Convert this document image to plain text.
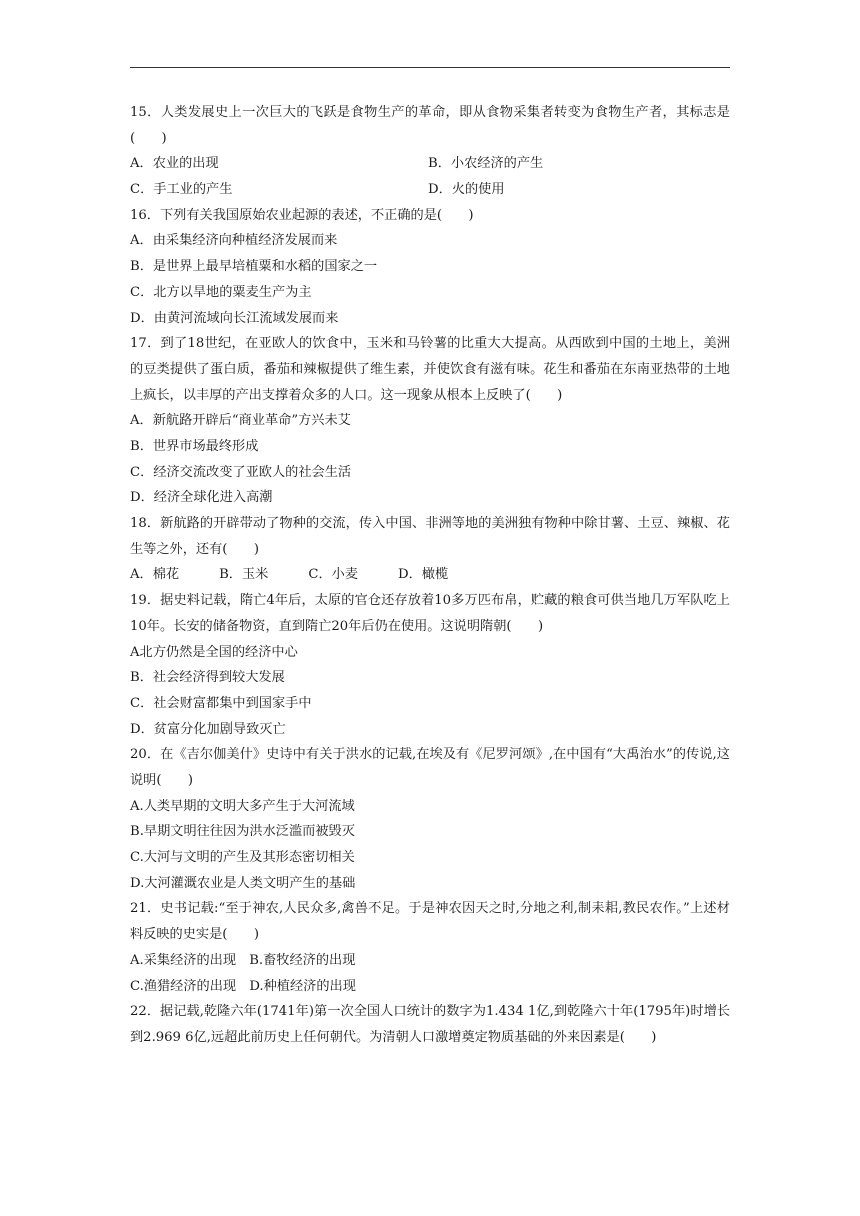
15．人类发展史上一次巨大的飞跃是食物生产的革命，即从食物采集者转变为食物生产者，其标志是(　　)
A．农业的出现	B．小农经济的产生
C．手工业的产生	D．火的使用
16．下列有关我国原始农业起源的表述，不正确的是(　　)
A．由采集经济向种植经济发展而来
B．是世界上最早培植粟和水稻的国家之一
C．北方以旱地的粟麦生产为主
D．由黄河流域向长江流域发展而来
17．到了18世纪，在亚欧人的饮食中，玉米和马铃薯的比重大大提高。从西欧到中国的土地上，美洲的豆类提供了蛋白质，番茄和辣椒提供了维生素，并使饮食有滋有味。花生和番茄在东南亚热带的土地上疯长，以丰厚的产出支撑着众多的人口。这一现象从根本上反映了(　　)
A．新航路开辟后“商业革命”方兴未艾
B．世界市场最终形成
C．经济交流改变了亚欧人的社会生活
D．经济全球化进入高潮
18．新航路的开辟带动了物种的交流，传入中国、非洲等地的美洲独有物种中除甘薯、土豆、辣椒、花生等之外，还有(　　)
A．棉花	B．玉米	C．小麦	D．橄榄
19．据史料记载，隋亡4年后，太原的官仓还存放着10多万匹布帛，贮藏的粮食可供当地几万军队吃上10年。长安的储备物资，直到隋亡20年后仍在使用。这说明隋朝(　　)
A北方仍然是全国的经济中心
B．社会经济得到较大发展
C．社会财富都集中到国家手中
D．贫富分化加剧导致灭亡
20．在《吉尔伽美什》史诗中有关于洪水的记载,在埃及有《尼罗河颂》,在中国有“大禹治水”的传说,这说明(　　)
A.人类早期的文明大多产生于大河流域
B.早期文明往往因为洪水泛滥而被毁灭
C.大河与文明的产生及其形态密切相关
D.大河灌溉农业是人类文明产生的基础
21．史书记载:“至于神农,人民众多,禽兽不足。于是神农因天之时,分地之利,制耒耜,教民农作。”上述材料反映的史实是(　　)
A.采集经济的出现　 B.畜牧经济的出现
C.渔猎经济的出现　 D.种植经济的出现
22．据记载,乾隆六年(1741年)第一次全国人口统计的数字为1.434 1亿,到乾隆六十年(1795年)时增长到2.969 6亿,远超此前历史上任何朝代。为清朝人口激增奠定物质基础的外来因素是(　　)
